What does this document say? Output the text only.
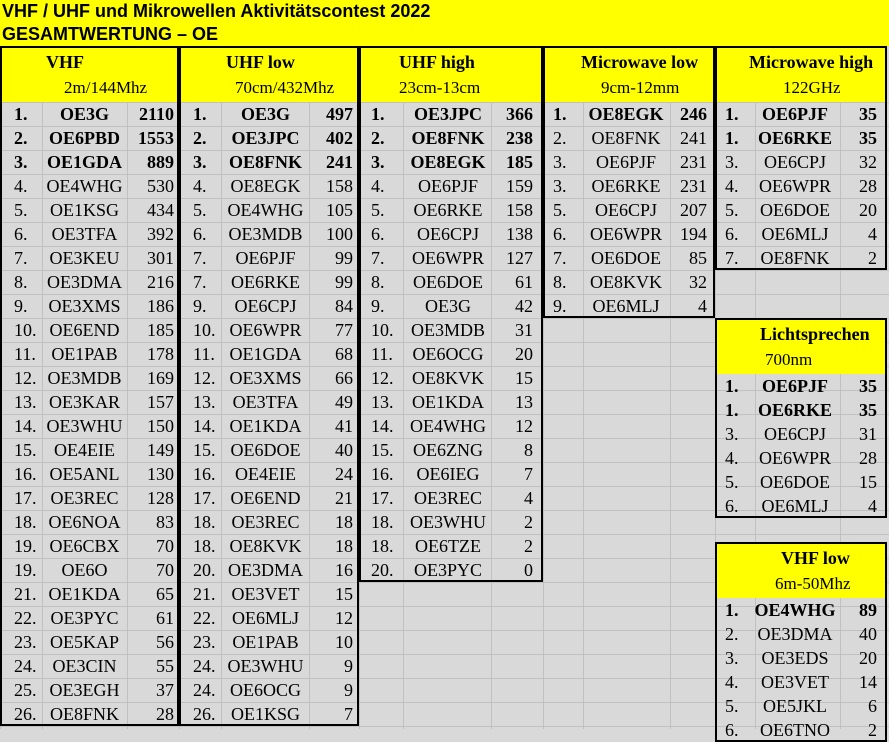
VHF / UHF und Mikrowellen Aktivitätscontest 2022
GESAMTWERTUNG – OE
VHF
2m/144Mhz
1.	OE3G	2110
2.	OE6PBD	1553
3.	OE1GDA	889
4.	OE4WHG	530
5.	OE1KSG	434
6.	OE3TFA	392
7.	OE3KEU	301
8.	OE3DMA	216
9.	OE3XMS	186
10. OE6END	185
11. OE1PAB	178
12. OE3MDB	169
13. OE3KAR	157
14. OE3WHU	150
15. OE4EIE	149
16. OE5ANL	130
17. OE3REC	128
18. OE6NOA	83
19. OE6CBX	70
19.	OE6O	70
21. OE1KDA	65
22. OE3PYC	61
23. OE5KAP	56
24. OE3CIN	55
25. OE3EGH	37
26. OE8FNK	28
UHF low
70cm/432Mhz
1.	OE3G	497
2.	OE3JPC	402
3.	OE8FNK	241
4.	OE8EGK	158
5.	OE4WHG	105
6.	OE3MDB	100
7.	OE6PJF	99
7.	OE6RKE	99
9.	OE6CPJ	84
10. OE6WPR	77
11. OE1GDA	68
12. OE3XMS	66
13. OE3TFA	49
14. OE1KDA	41
15. OE6DOE	40
16.	OE4EIE	24
17. OE6END	21
18. OE3REC	18
18. OE8KVK	18
20. OE3DMA	16
21. OE3VET	15
22. OE6MLJ	12
23. OE1PAB	10
24. OE3WHU	9
24. OE6OCG	9
26. OE1KSG	7
UHF high
23cm-13cm
1.	OE3JPC	366
2.	OE8FNK	238
3.	OE8EGK	185
4.	OE6PJF	159
5.	OE6RKE	158
6.	OE6CPJ	138
7.	OE6WPR	127
8.	OE6DOE	61
9.	OE3G	42
10. OE3MDB	31
11.	OE6OCG	20
12.	OE8KVK	15
13.	OE1KDA	13
14. OE4WHG	12
15.	OE6ZNG	8
16.	OE6IEG	7
17.	OE3REC	4
18. OE3WHU	2
18.	OE6TZE	2
20.	OE3PYC	0
Microwave low
9cm-12mm
1.	OE8EGK 246
2.	OE8FNK	241
3.	OE6PJF	231
3.	OE6RKE	231
5.	OE6CPJ	207
6.	OE6WPR	194
7.	OE6DOE	85
8.	OE8KVK	32
9.	OE6MLJ	4
Microwave high
122GHz
1.	OE6PJF	35
1.	OE6RKE	35
3.	OE6CPJ	32
4.	OE6WPR	28
5.	OE6DOE	20
6.	OE6MLJ	4
7.	OE8FNK	2
Lichtsprechen
700nm
1.	OE6PJF	35
1.	OE6RKE	35
3.	OE6CPJ	31
4.	OE6WPR	28
5.	OE6DOE	15
6.	OE6MLJ	4
VHF low
6m-50Mhz
1. OE4WHG	89
2.	OE3DMA	40
3.	OE3EDS	20
4.	OE3VET	14
5.	OE5JKL	6
6.	OE6TNO	2
